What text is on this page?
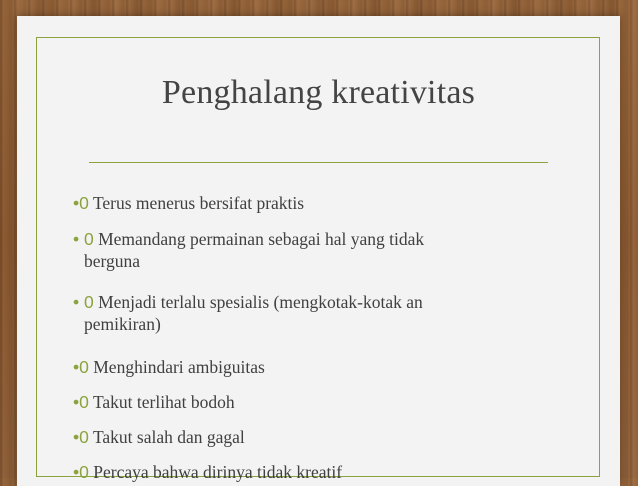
Penghalang kreativitas
•0 Terus menerus bersifat praktis
• 0 Memandang permainan sebagai hal yang tidak
berguna
• 0 Menjadi terlalu spesialis (mengkotak-kotak an
pemikiran)
•0 Menghindari ambiguitas
•0 Takut terlihat bodoh
•0 Takut salah dan gagal
•0 Percaya bahwa dirinya tidak kreatif
